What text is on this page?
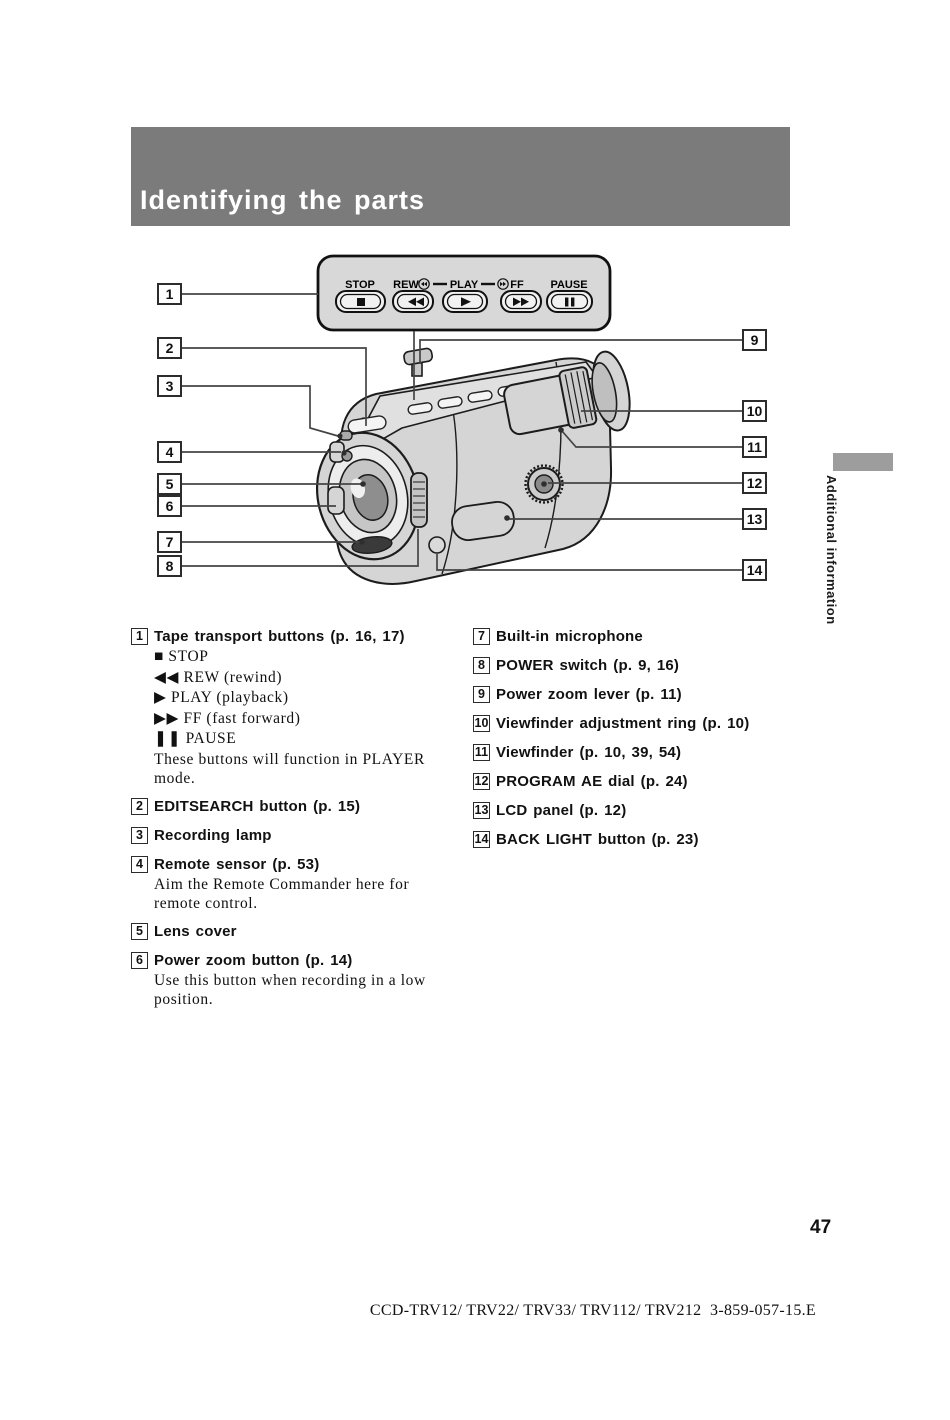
Identifying the parts
STOP REW	PLAY	FF PAUSE
1
2
3
4
5
6
7
8
9
10
11
12
13
14	Additional information
1 Tape transport buttons (p. 16, 17)
■ STOP
◀◀ REW (rewind)
▶ PLAY (playback)
▶▶ FF (fast forward)
❚❚ PAUSE
These buttons will function in PLAYER mode.
2 EDITSEARCH button (p. 15)
3 Recording lamp
4 Remote sensor (p. 53)
Aim the Remote Commander here for remote control.
5 Lens cover
6 Power zoom button (p. 14)
Use this button when recording in a low position.
7 Built-in microphone
8 POWER switch (p. 9, 16)
9 Power zoom lever (p. 11)
10 Viewfinder adjustment ring (p. 10)
11 Viewfinder (p. 10, 39, 54)
12 PROGRAM AE dial (p. 24)
13 LCD panel (p. 12)
14 BACK LIGHT button (p. 23)
47
CCD-TRV12/ TRV22/ TRV33/ TRV112/ TRV212  3-859-057-15.E
